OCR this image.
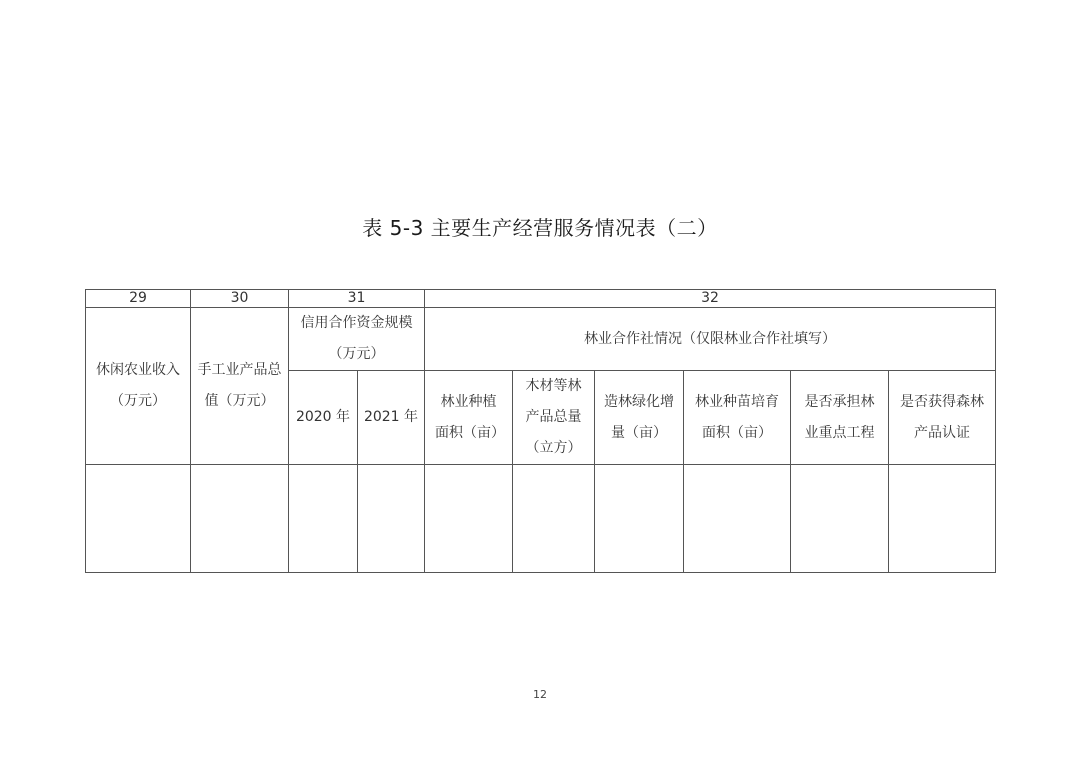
表 5-3 主要生产经营服务情况表（二）
29	30	31		32					
休闲农业收入（万元）	手工业产品总值（万元）	信用合作资金规模（万元）		林业合作社情况（仅限林业合作社填写）					
		2020 年	2021 年	林业种植面积（亩）	木材等林产品总量（立方）	造林绿化增量（亩）	林业种苗培育面积（亩）	是否承担林业重点工程	是否获得森林产品认证

12
